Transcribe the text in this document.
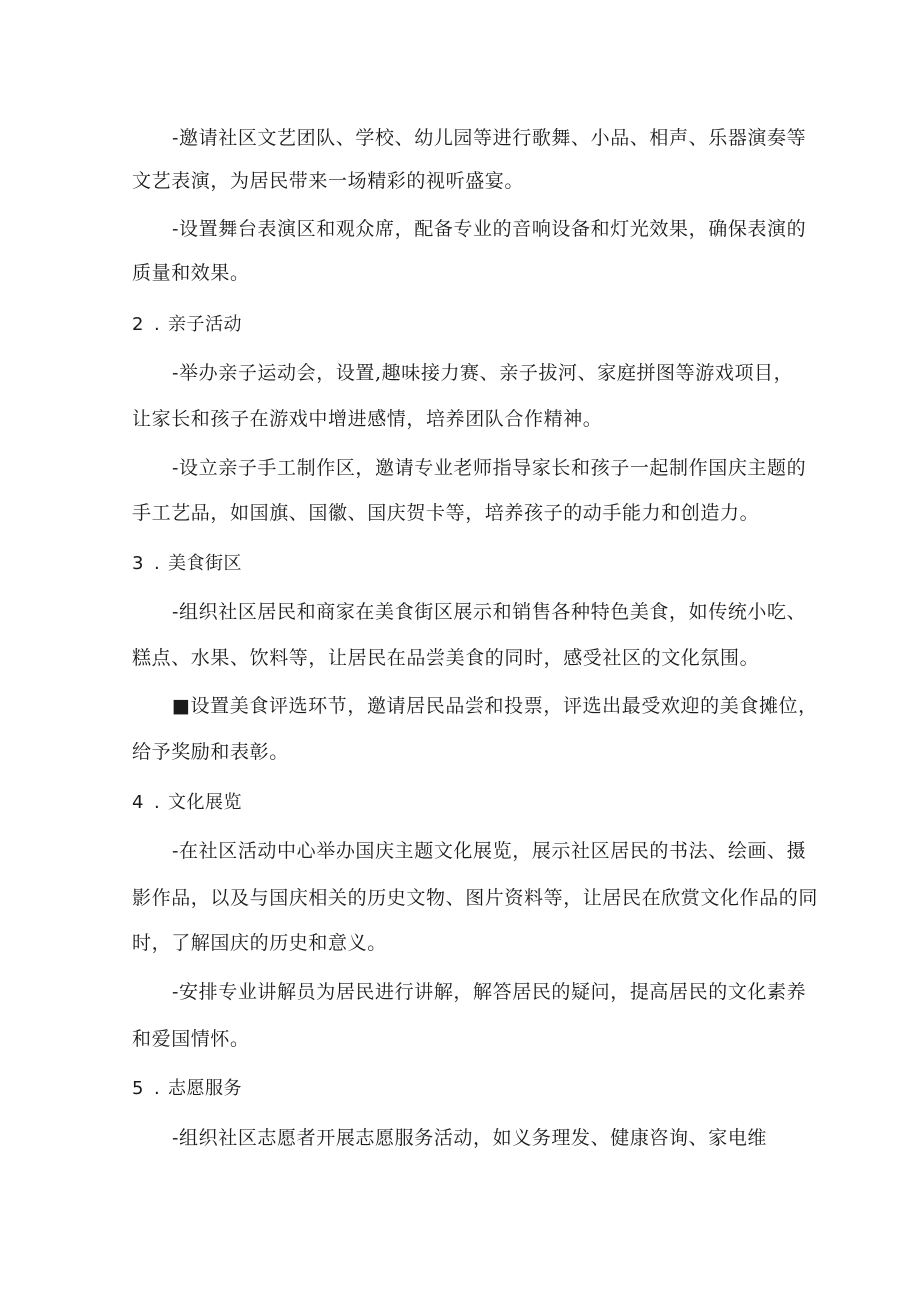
-邀请社区文艺团队、学校、幼儿园等进行歌舞、小品、相声、乐器演奏等
文艺表演，为居民带来一场精彩的视听盛宴。
-设置舞台表演区和观众席，配备专业的音响设备和灯光效果，确保表演的
质量和效果。
2 . 亲子活动
-举办亲子运动会，设置,趣味接力赛、亲子拔河、家庭拼图等游戏项目，
让家长和孩子在游戏中增进感情，培养团队合作精神。
-设立亲子手工制作区，邀请专业老师指导家长和孩子一起制作国庆主题的
手工艺品，如国旗、国徽、国庆贺卡等，培养孩子的动手能力和创造力。
3 . 美食街区
-组织社区居民和商家在美食街区展示和销售各种特色美食，如传统小吃、
糕点、水果、饮料等，让居民在品尝美食的同时，感受社区的文化氛围。
■设置美食评选环节，邀请居民品尝和投票，评选出最受欢迎的美食摊位，
给予奖励和表彰。
4 . 文化展览
-在社区活动中心举办国庆主题文化展览，展示社区居民的书法、绘画、摄
影作品，以及与国庆相关的历史文物、图片资料等，让居民在欣赏文化作品的同
时，了解国庆的历史和意义。
-安排专业讲解员为居民进行讲解，解答居民的疑问，提高居民的文化素养
和爱国情怀。
5 . 志愿服务
-组织社区志愿者开展志愿服务活动，如义务理发、健康咨询、家电维
